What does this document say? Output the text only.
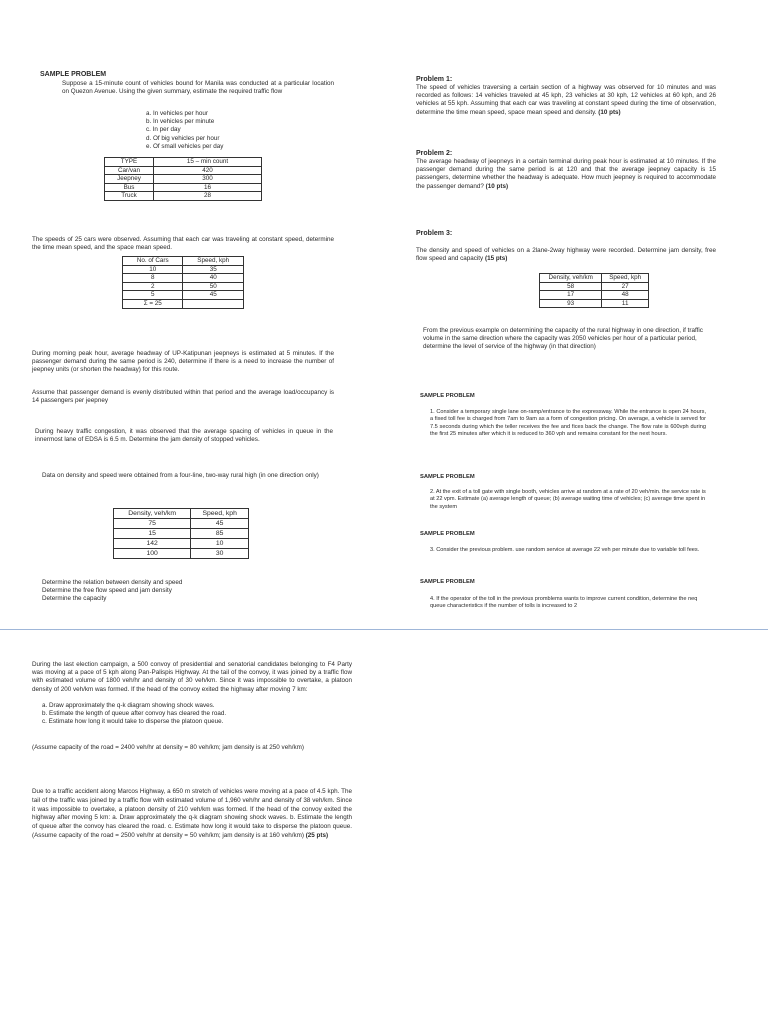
SAMPLE PROBLEM
Suppose a 15-minute count of vehicles bound for Manila was conducted at a particular location on Quezon Avenue. Using the given summary, estimate the required traffic flow
a. In vehicles per hour
b. In vehicles per minute
c. In per day
d. Of big vehicles per hour
e. Of small vehicles per day
TYPE	15 – min count
Car/van	420
Jeepney	300
Bus	16
Truck	28
The speeds of 25 cars were observed. Assuming that each car was traveling at constant speed, determine the time mean speed, and the space mean speed.
No. of Cars	Speed, kph
10	35
8	40
2	50
5	45
Σ = 25	
During morning peak hour, average headway of UP-Katipunan jeepneys is estimated at 5 minutes. If the passenger demand during the same period is 240, determine if there is a need to increase the number of jeepney units (or shorten the headway) for this route.
Assume that passenger demand is evenly distributed within that period and the average load/occupancy is 14 passengers per jeepney
During heavy traffic congestion, it was observed that the average spacing of vehicles in queue in the innermost lane of EDSA is 6.5 m. Determine the jam density of stopped vehicles.
Data on density and speed were obtained from a four-line, two-way rural high (in one direction only)
Density, veh/km	Speed, kph
75	45
15	85
142	10
100	30
Determine the relation between density and speed
Determine the free flow speed and jam density
Determine the capacity
Problem 1:
The speed of vehicles traversing a certain section of a highway was observed for 10 minutes and was recorded as follows: 14 vehicles traveled at 45 kph, 23 vehicles at 30 kph, 12 vehicles at 60 kph, and 26 vehicles at 55 kph. Assuming that each car was traveling at constant speed during the time of observation, determine the time mean speed, space mean speed and density. (10 pts)
Problem 2:
The average headway of jeepneys in a certain terminal during peak hour is estimated at 10 minutes. If the passenger demand during the same period is at 120 and that the average jeepney capacity is 15 passengers, determine whether the headway is adequate. How much jeepney is required to accommodate the passenger demand? (10 pts)
Problem 3:
The density and speed of vehicles on a 2lane-2way highway were recorded. Determine jam density, free flow speed and capacity (15 pts)
Density, veh/km	Speed, kph
58	27
17	48
93	11
From the previous example on determining the capacity of the rural highway in one direction, if traffic volume in the same direction where the capacity was 2050 vehicles per hour of a particular period, determine the level of service of the highway (in that direction)
SAMPLE PROBLEM
1. Consider a temporary single lane on-ramp/entrance to the expressway. While the entrance is open 24 hours, a fixed toll fee is charged from 7am to 9am as a form of congestion pricing. On average, a vehicle is served for 7.5 seconds during which the teller receives the fee and fices back the change. The flow rate is 600vph during the first 25 minutes after which it is reduced to 360 vph and remains constant for the next hours.
SAMPLE PROBLEM
2. At the exit of a toll gate with single booth, vehicles arrive at random at a rate of 20 veh/min. the service rate is at 22 vpm. Estimate (a) average length of queue; (b) average waiting time of vehicles; (c) average time spent in the system
SAMPLE PROBLEM
3. Consider the previous problem. use random service at average 22 veh per minute due to variable toll fees.
SAMPLE PROBLEM
4. If the operator of the toll in the previous promblems wants to improve current condition, determine the neq queue characteristics if the number of tolls is increased to 2
During the last election campaign, a 500 convoy of presidential and senatorial candidates belonging to F4 Party was moving at a pace of 5 kph along Pan-Palispis Highway. At the tail of the convoy, it was joined by a traffic flow with estimated volume of 1800 veh/hr and density of 30 veh/km. Since it was impossible to overtake, a platoon density of 200 veh/km was formed. If the head of the convoy exited the highway after moving 7 km:
a. Draw approximately the q-k diagram showing shock waves.
b. Estimate the length of queue after convoy has cleared the road.
c. Estimate how long it would take to disperse the platoon queue.
(Assume capacity of the road = 2400 veh/hr at density = 80 veh/km; jam density is at 250 veh/km)
Due to a traffic accident along Marcos Highway, a 650 m stretch of vehicles were moving at a pace of 4.5 kph. The tail of the traffic was joined by a traffic flow with estimated volume of 1,960 veh/hr and density of 38 veh/km. Since it was impossible to overtake, a platoon density of 210 veh/km was formed. If the head of the convoy exited the highway after moving 5 km: a. Draw approximately the q-k diagram showing shock waves. b. Estimate the length of queue after the convoy has cleared the road. c. Estimate how long it would take to disperse the platoon queue. (Assume capacity of the road = 2500 veh/hr at density = 50 veh/km; jam density is at 160 veh/km) (25 pts)
